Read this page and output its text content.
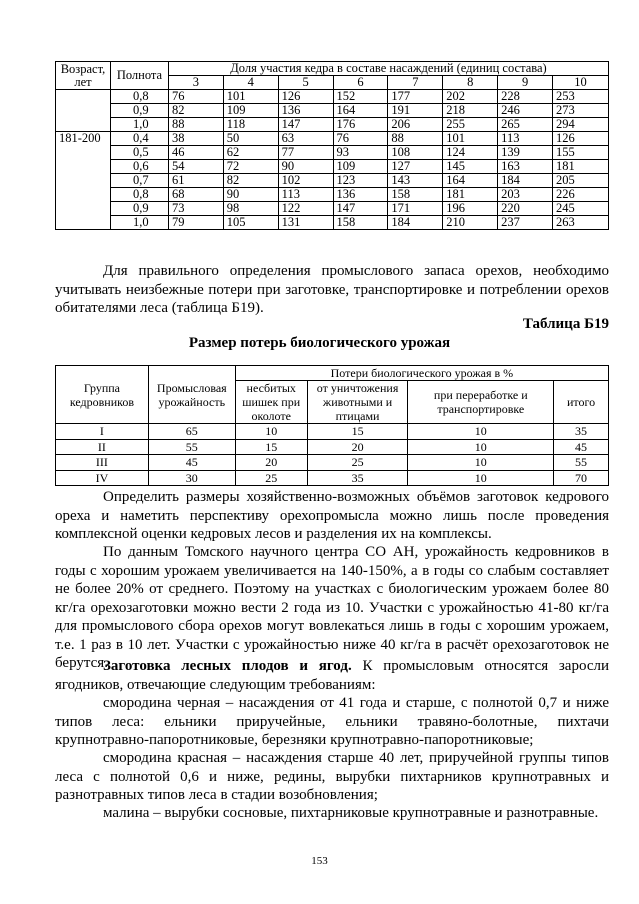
Возраст, лет	Полнота	Доля участия кедра в составе насаждений (единиц состава)							
		3	4	5	6	7	8	9	10
	0,8	76	101	126	152	177	202	228	253
	0,9	82	109	136	164	191	218	246	273
	1,0	88	118	147	176	206	255	265	294
181-200	0,4	38	50	63	76	88	101	113	126
	0,5	46	62	77	93	108	124	139	155
	0,6	54	72	90	109	127	145	163	181
	0,7	61	82	102	123	143	164	184	205
	0,8	68	90	113	136	158	181	203	226
	0,9	73	98	122	147	171	196	220	245
	1,0	79	105	131	158	184	210	237	263
Для правильного определения промыслового запаса орехов, необходимо учитывать неизбежные потери при заготовке, транспортировке и потреблении орехов обитателями леса (таблица Б19).
Таблица Б19
Размер потерь биологического урожая
Группа кедровников	Промысловая урожайность	Потери биологического урожая в %			
		несбитых шишек при околоте	от уничтожения животными и птицами	при переработке и транспортировке	итого
I	65	10	15	10	35
II	55	15	20	10	45
III	45	20	25	10	55
IV	30	25	35	10	70
Определить размеры хозяйственно-возможных объёмов заготовок кедрового ореха и наметить перспективу орехопромысла можно лишь после проведения комплексной оценки кедровых лесов и разделения их на комплексы.
По данным Томского научного центра СО АН, урожайность кедровников в годы с хорошим урожаем увеличивается на 140-150%, а в годы со слабым составляет не более 20% от среднего. Поэтому на участках с биологическим урожаем более 80 кг/га орехозаготовки можно вести 2 года из 10. Участки с урожайностью 41-80 кг/га для промыслового сбора орехов могут вовлекаться лишь в годы с хорошим урожаем, т.е. 1 раз в 10 лет. Участки с урожайностью ниже 40 кг/га в расчёт орехозаготовок не берутся.
Заготовка лесных плодов и ягод. К промысловым относятся заросли ягодников, отвечающие следующим требованиям:
смородина черная – насаждения от 41 года и старше, с полнотой 0,7 и ниже типов леса: ельники приручейные, ельники травяно-болотные, пихтачи крупнотравно-папоротниковые, березняки крупнотравно-папоротниковые;
смородина красная – насаждения старше 40 лет, приручейной группы типов леса с полнотой 0,6 и ниже, редины, вырубки пихтарников крупнотравных и разнотравных типов леса в стадии возобновления;
малина – вырубки сосновые, пихтарниковые крупнотравные и разнотравные.
153
